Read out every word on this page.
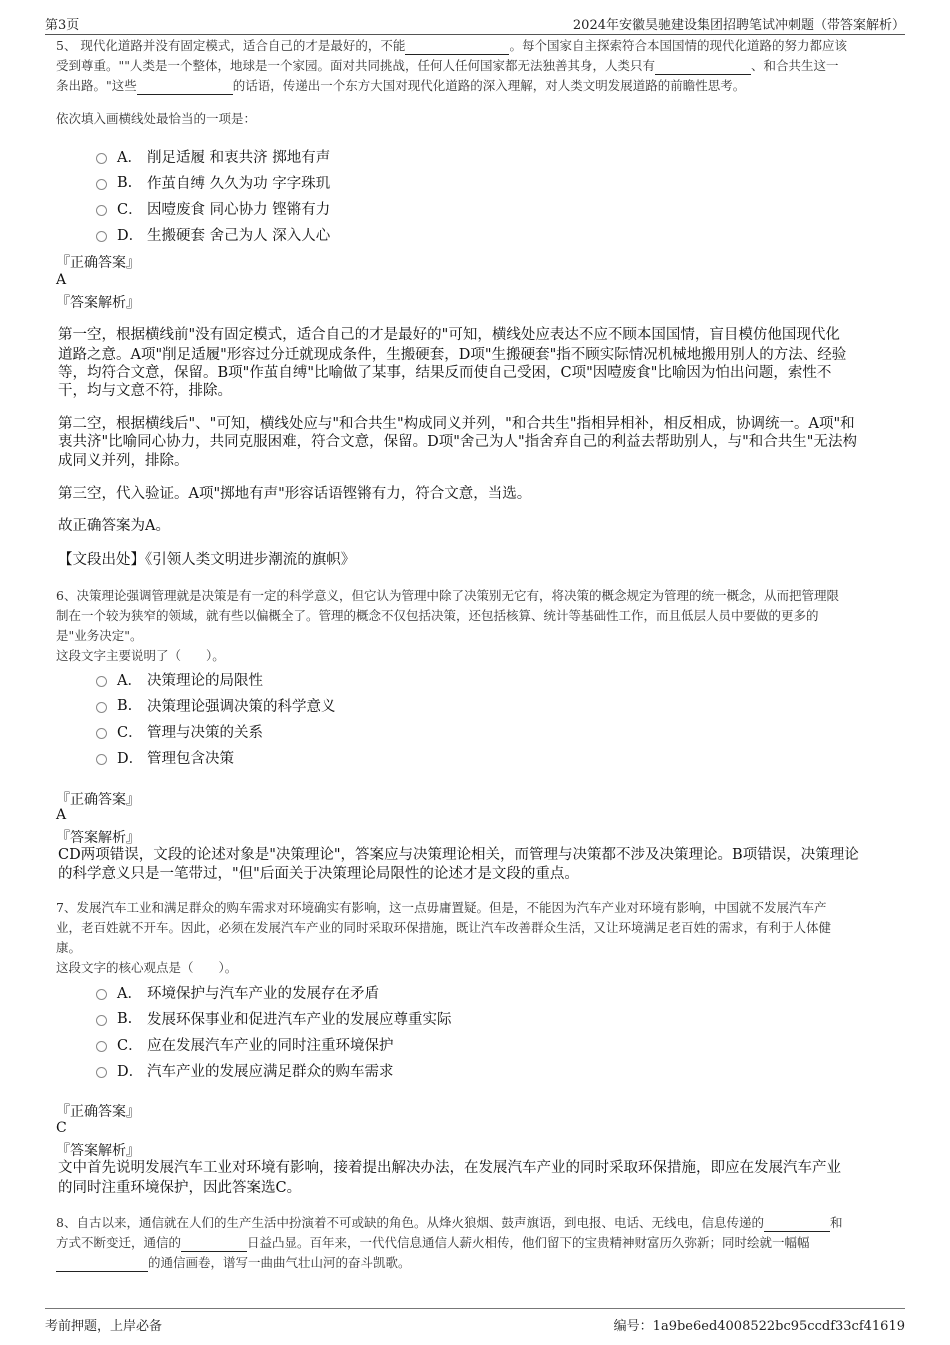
第3页	2024年安徽昊驰建设集团招聘笔试冲刺题（带答案解析）
5、 现代化道路并没有固定模式，适合自己的才是最好的，不能	。每个国家自主探索符合本国国情的现代化道路的努力都应该
受到尊重。""人类是一个整体，地球是一个家园。面对共同挑战，任何人任何国家都无法独善其身，人类只有	、和合共生这一
条出路。"这些	的话语，传递出一个东方大国对现代化道路的深入理解，对人类文明发展道路的前瞻性思考。
依次填入画横线处最恰当的一项是：
A． 削足适履 和衷共济 掷地有声
B.	作茧自缚 久久为功 字字珠玑
C． 因噎废食 同心协力 铿锵有力
D． 生搬硬套 舍己为人 深入人心
『正确答案』
A
『答案解析』
第一空，根据横线前"没有固定模式，适合自己的才是最好的"可知，横线处应表达不应不顾本国国情，盲目模仿他国现代化
道路之意。A项"削足适履"形容过分迁就现成条件，生搬硬套，D项"生搬硬套"指不顾实际情况机械地搬用别人的方法、经验
等，均符合文意，保留。B项"作茧自缚"比喻做了某事，结果反而使自己受困，C项"因噎废食"比喻因为怕出问题，索性不
干，均与文意不符，排除。
第二空，根据横线后"、"可知，横线处应与"和合共生"构成同义并列，"和合共生"指相异相补，相反相成，协调统一。A项"和
衷共济"比喻同心协力，共同克服困难，符合文意，保留。D项"舍己为人"指舍弃自己的利益去帮助别人，与"和合共生"无法构
成同义并列，排除。
第三空，代入验证。A项"掷地有声"形容话语铿锵有力，符合文意，当选。
故正确答案为A。
【文段出处】《引领人类文明进步潮流的旗帜》
6、决策理论强调管理就是决策是有一定的科学意义，但它认为管理中除了决策别无它有，将决策的概念规定为管理的统一概念，从而把管理限
制在一个较为狭窄的领域，就有些以偏概全了。管理的概念不仅包括决策，还包括核算、统计等基础性工作，而且低层人员中要做的更多的
是"业务决定"。
这段文字主要说明了（　　）。
A． 决策理论的局限性
B.	决策理论强调决策的科学意义
C． 管理与决策的关系
D． 管理包含决策
『正确答案』
A
『答案解析』
CD两项错误，文段的论述对象是"决策理论"，答案应与决策理论相关，而管理与决策都不涉及决策理论。B项错误，决策理论
的科学意义只是一笔带过，"但"后面关于决策理论局限性的论述才是文段的重点。
7、发展汽车工业和满足群众的购车需求对环境确实有影响，这一点毋庸置疑。但是，不能因为汽车产业对环境有影响，中国就不发展汽车产
业，老百姓就不开车。因此，必须在发展汽车产业的同时采取环保措施，既让汽车改善群众生活，又让环境满足老百姓的需求，有利于人体健
康。
这段文字的核心观点是（　　）。
A． 环境保护与汽车产业的发展存在矛盾
B.	发展环保事业和促进汽车产业的发展应尊重实际
C． 应在发展汽车产业的同时注重环境保护
D． 汽车产业的发展应满足群众的购车需求
『正确答案』
C
『答案解析』
文中首先说明发展汽车工业对环境有影响，接着提出解决办法，在发展汽车产业的同时采取环保措施，即应在发展汽车产业
的同时注重环境保护，因此答案选C。
8、自古以来，通信就在人们的生产生活中扮演着不可或缺的角色。从烽火狼烟、鼓声旗语，到电报、电话、无线电，信息传递的	和
方式不断变迁，通信的	日益凸显。百年来，一代代信息通信人薪火相传，他们留下的宝贵精神财富历久弥新；同时绘就一幅幅
的通信画卷，谱写一曲曲气壮山河的奋斗凯歌。
考前押题，上岸必备	编号：1a9be6ed4008522bc95ccdf33cf41619
